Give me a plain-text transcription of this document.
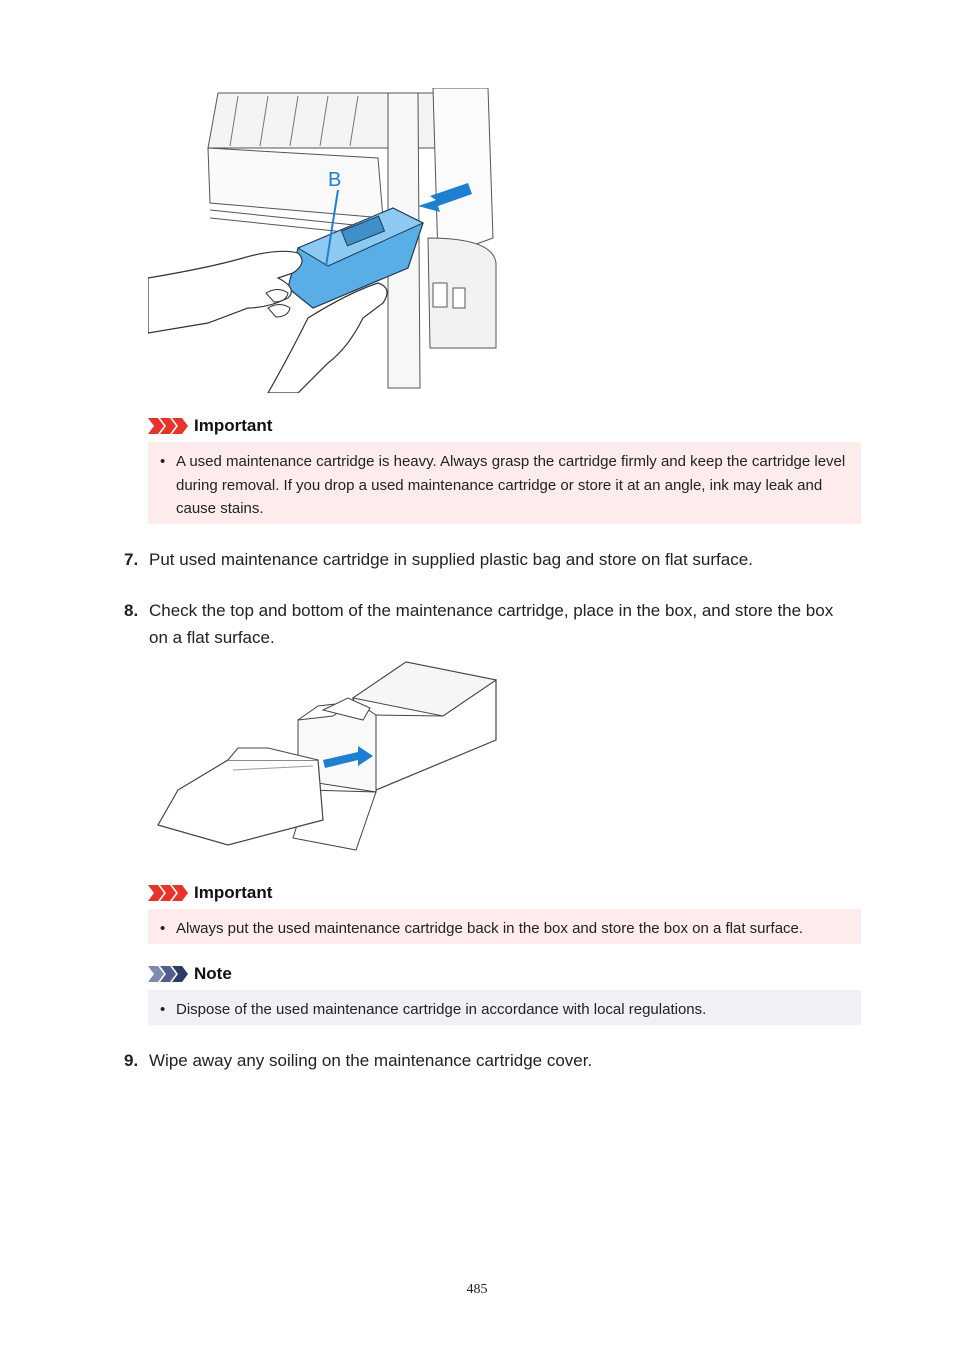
B
Important
• A used maintenance cartridge is heavy. Always grasp the cartridge firmly and keep the cartridge level during removal. If you drop a used maintenance cartridge or store it at an angle, ink may leak and cause stains.
7. Put used maintenance cartridge in supplied plastic bag and store on flat surface.
8. Check the top and bottom of the maintenance cartridge, place in the box, and store the box on a flat surface.
Important
• Always put the used maintenance cartridge back in the box and store the box on a flat surface.
Note
• Dispose of the used maintenance cartridge in accordance with local regulations.
9. Wipe away any soiling on the maintenance cartridge cover.
485
